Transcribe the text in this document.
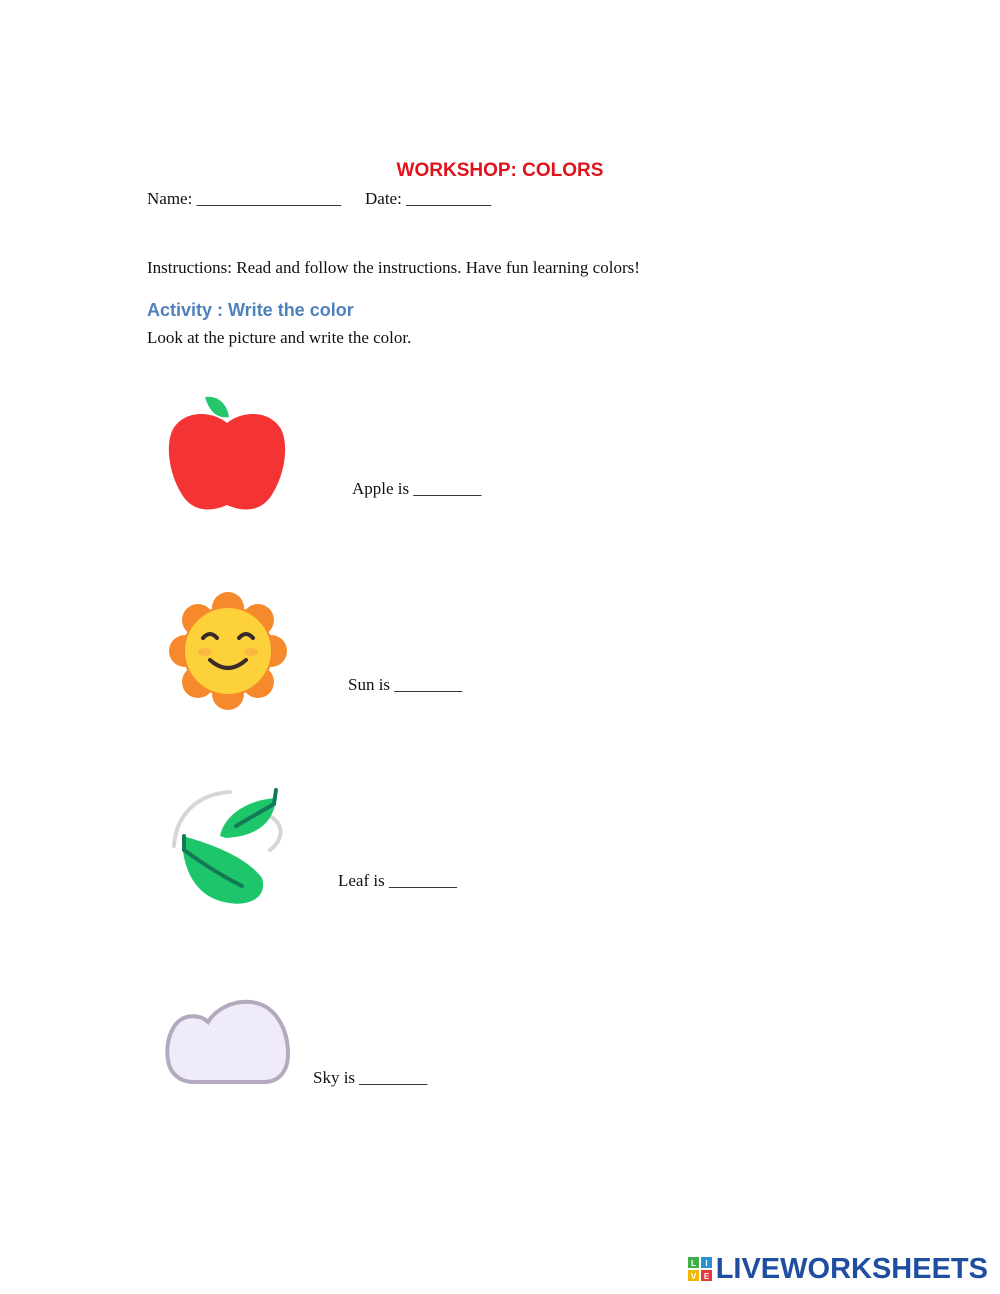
WORKSHOP: COLORS
Name: _________________ Date: __________
Instructions: Read and follow the instructions. Have fun learning colors!
Activity : Write the color
Look at the picture and write the color.
Apple is ________
Sun is ________
Leaf is ________
Sky is ________
L I
V E LIVEWORKSHEETS
